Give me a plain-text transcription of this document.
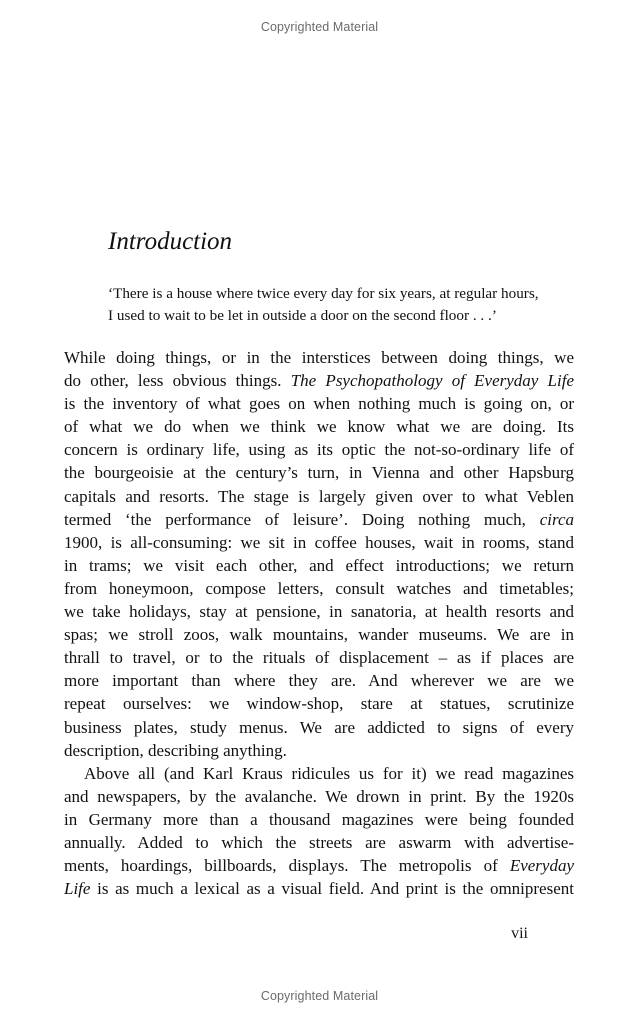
Copyrighted Material
Introduction
‘There is a house where twice every day for six years, at regular hours,
I used to wait to be let in outside a door on the second floor . . .’
While doing things, or in the interstices between doing things, we
do other, less obvious things. The Psychopathology of Everyday Life
is the inventory of what goes on when nothing much is going on, or
of what we do when we think we know what we are doing. Its
concern is ordinary life, using as its optic the not-so-ordinary life of
the bourgeoisie at the century’s turn, in Vienna and other Hapsburg
capitals and resorts. The stage is largely given over to what Veblen
termed ‘the performance of leisure’. Doing nothing much, circa
1900, is all-consuming: we sit in coffee houses, wait in rooms, stand
in trams; we visit each other, and effect introductions; we return
from honeymoon, compose letters, consult watches and timetables;
we take holidays, stay at pensione, in sanatoria, at health resorts and
spas; we stroll zoos, walk mountains, wander museums. We are in
thrall to travel, or to the rituals of displacement – as if places are
more important than where they are. And wherever we are we
repeat ourselves: we window-shop, stare at statues, scrutinize
business plates, study menus. We are addicted to signs of every
description, describing anything.
Above all (and Karl Kraus ridicules us for it) we read magazines
and newspapers, by the avalanche. We drown in print. By the 1920s
in Germany more than a thousand magazines were being founded
annually. Added to which the streets are aswarm with advertise-
ments, hoardings, billboards, displays. The metropolis of Everyday
Life is as much a lexical as a visual field. And print is the omnipresent
vii
Copyrighted Material
